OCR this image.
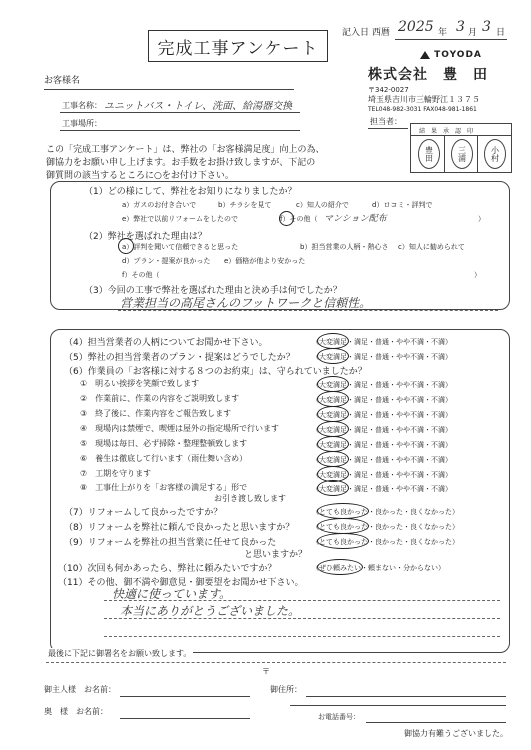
完成工事アンケート
記入日 西暦 2025 年 3 月 3 日
TOYODA
お客様名
工事名称： ユニットバス・トイレ、洗面、給湯器交換
工事場所：
株式会社　豊　田
〒342-0027
埼玉県吉川市三輪野江１３７５
TEL048-982-3031 FAX048-981-1861
担当者：
結　果　承　認　印
豊田	三浦	小村
この「完成工事アンケート」は、弊社の「お客様満足度」向上の為、
御協力をお願い申し上げます。お手数をお掛け致しますが、下記の
御質問の該当するところに○をお付け下さい。
（1）どの様にして、弊社をお知りになりましたか？
a）ガスのお付き合いで	b）チラシを見て	c）知人の紹介で	d）ロコミ・評判で
e）弊社で以前リフォームをしたので	f）その他（ マンション配布	）
（2）弊社を選ばれた理由は？
a）評判を聞いて信頼できると思った	b）担当営業の人柄・熱心さ c）知人に勧められて
d）プラン・提案が良かった e）価格が他より安かった
f）その他（	）
（3）今回の工事で弊社を選ばれた理由と決め手は何でしたか？
営業担当の高尾さんのフットワークと信頼性。
（4）担当営業者の人柄についてお聞かせ下さい。	（大変満足・満足・普通・やや不満・不満）
（5）弊社の担当営業者のプラン・提案はどうでしたか？ （大変満足・満足・普通・やや不満・不満）
（6）作業員の「お客様に対する８つのお約束」は、守られていましたか？
①　明るい挨拶を笑顔で致します	（大変満足・満足・普通・やや不満・不満）
②　作業前に、作業の内容をご説明致します	（大変満足・満足・普通・やや不満・不満）
③　終了後に、作業内容をご報告致します	（大変満足・満足・普通・やや不満・不満）
④　現場内は禁煙で、喫煙は屋外の指定場所で行います	（大変満足・満足・普通・やや不満・不満）
⑤　現場は毎日、必ず掃除・整理整頓致します	（大変満足・満足・普通・やや不満・不満）
⑥　養生は徹底して行います（雨仕舞い含め）	（大変満足・満足・普通・やや不満・不満）
⑦　工期を守ります	（大変満足・満足・普通・やや不満・不満）
⑧　工事仕上がりを「お客様の満足する」形で	（大変満足・満足・普通・やや不満・不満）
お引き渡し致します
（7）リフォームして良かったですか？	（とても良かった・良かった・良くなかった）
（8）リフォームを弊社に頼んで良かったと思いますか？	（とても良かった・良かった・良くなかった）
（9）リフォームを弊社の担当営業に任せて良かった	（とても良かった・良かった・良くなかった）
と思いますか？
（10）次回も何かあったら、弊社に頼みたいですか？	（ぜひ頼みたい・頼まない・分からない）
（11）その他、御不満や御意見・御要望をお聞かせ下さい。
快適に使っています。
本当にありがとうございました。
最後に下記に御署名をお願い致します。
〒
御主人様　お名前：	御住所：
奥　様　お名前：
お電話番号：
御協力有難うございました。
